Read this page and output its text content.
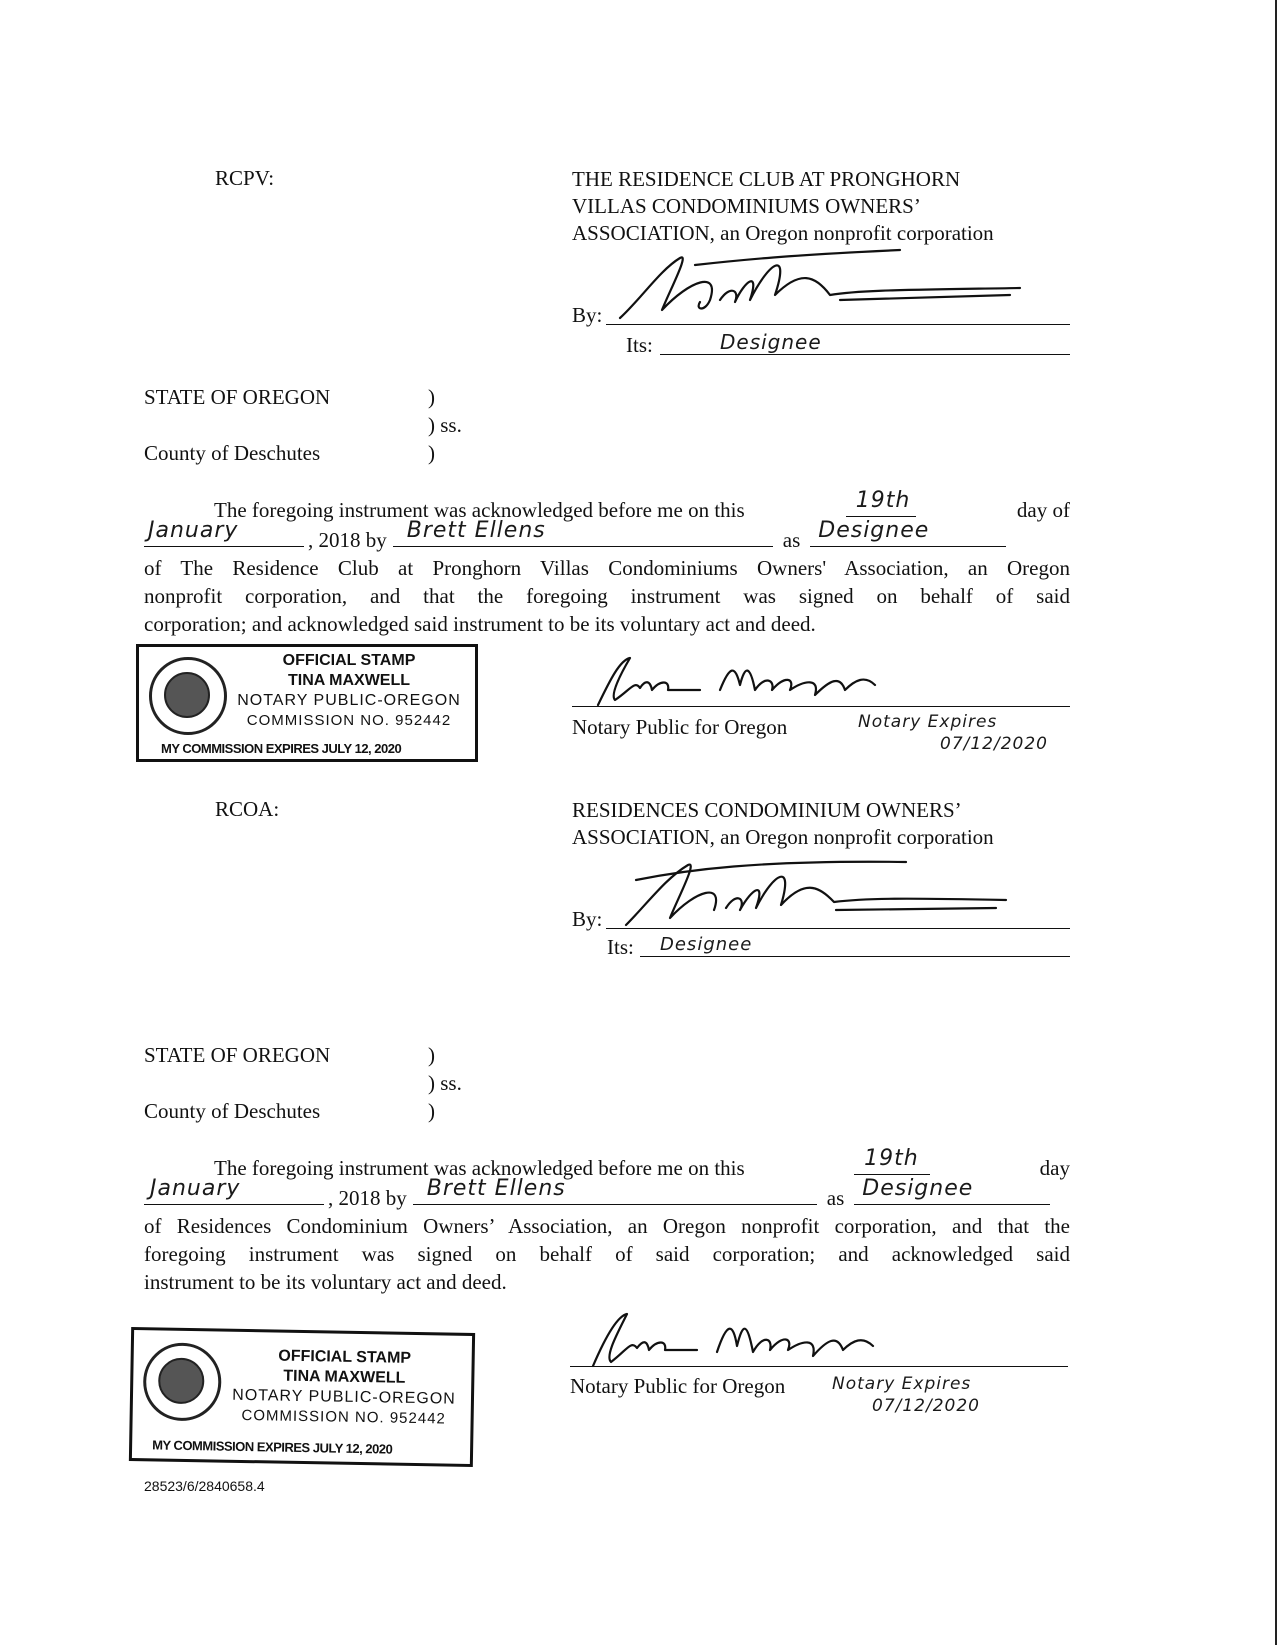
RCPV:	THE RESIDENCE CLUB AT PRONGHORN
VILLAS CONDOMINIUMS OWNERS’
ASSOCIATION, an Oregon nonprofit corporation
By:
Its:	Designee
STATE OF OREGON	)
) ss.
County of Deschutes	)
The foregoing instrument was acknowledged before me on this	19th	day of
January	, 2018 by Brett Ellens	as Designee
of The Residence Club at Pronghorn Villas Condominiums Owners' Association, an Oregon
nonprofit corporation, and that the foregoing instrument was signed on behalf of said
corporation; and acknowledged said instrument to be its voluntary act and deed.
OFFICIAL STAMP
TINA MAXWELL
NOTARY PUBLIC-OREGON
COMMISSION NO. 952442
MY COMMISSION EXPIRES JULY 12, 2020
Notary Public for Oregon	Notary Expires
07/12/2020
RCOA:	RESIDENCES CONDOMINIUM OWNERS’
ASSOCIATION, an Oregon nonprofit corporation
By:
Its: Designee
STATE OF OREGON	)
) ss.
County of Deschutes	)
The foregoing instrument was acknowledged before me on this	19th	day
January	, 2018 by Brett Ellens	as Designee
of Residences Condominium Owners’ Association, an Oregon nonprofit corporation, and that the
foregoing instrument was signed on behalf of said corporation; and acknowledged said
instrument to be its voluntary act and deed.
OFFICIAL STAMP
TINA MAXWELL
NOTARY PUBLIC-OREGON
COMMISSION NO. 952442
MY COMMISSION EXPIRES JULY 12, 2020
Notary Public for Oregon	Notary Expires
07/12/2020
28523/6/2840658.4
